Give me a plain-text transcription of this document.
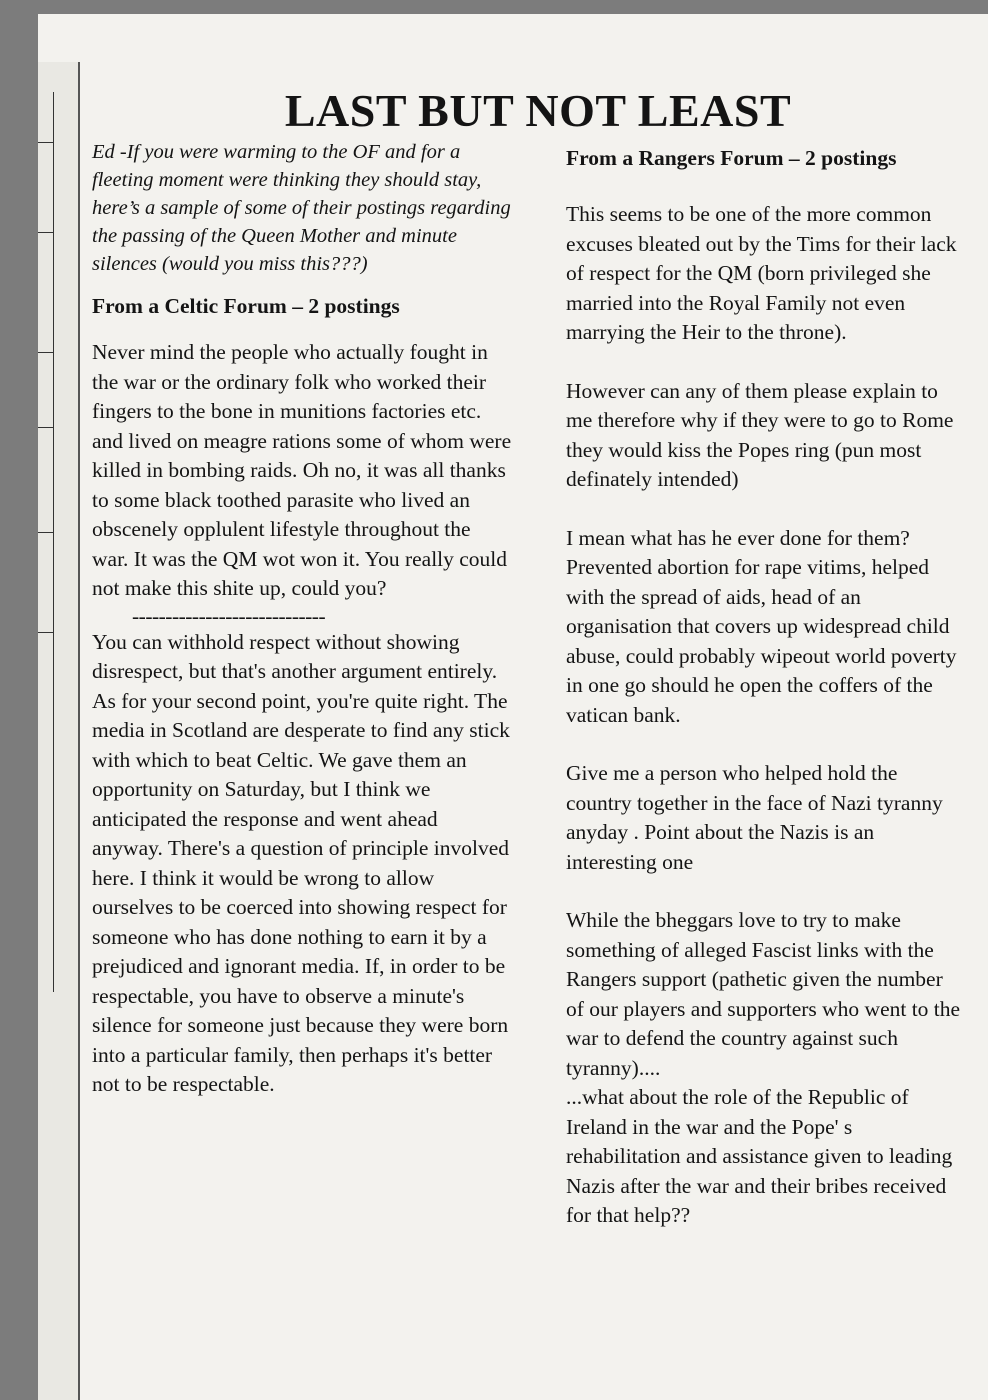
LAST BUT NOT LEAST

Ed -If you were warming to the OF and for a fleeting moment were thinking they should stay, here’s a sample of some of their postings regarding the passing of the Queen Mother and minute silences (would you miss this???)

From a Celtic Forum – 2 postings

Never mind the people who actually fought in the war or the ordinary folk who worked their fingers to the bone in munitions factories etc. and lived on meagre rations some of whom were killed in bombing raids. Oh no, it was all thanks to some black toothed parasite who lived an obscenely opplulent lifestyle throughout the war. It was the QM wot won it. You really could not make this shite up, could you?

-----------------------------

You can withhold respect without showing disrespect, but that's another argument entirely. As for your second point, you're quite right. The media in Scotland are desperate to find any stick with which to beat Celtic. We gave them an opportunity on Saturday, but I think we anticipated the response and went ahead anyway. There's a question of principle involved here. I think it would be wrong to allow ourselves to be coerced into showing respect for someone who has done nothing to earn it by a prejudiced and ignorant media. If, in order to be respectable, you have to observe a minute's silence for someone just because they were born into a particular family, then perhaps it's better not to be respectable.

From a Rangers Forum – 2 postings

This seems to be one of the more common excuses bleated out by the Tims for their lack of respect for the QM (born privileged she married into the Royal Family not even marrying the Heir to the throne).

However can any of them please explain to me therefore why if they were to go to Rome they would kiss the Popes ring (pun most definately intended)

I mean what has he ever done for them? Prevented abortion for rape vitims, helped with the spread of aids, head of an organisation that covers up widespread child abuse, could probably wipeout world poverty in one go should he open the coffers of the vatican bank.

Give me a person who helped hold the country together in the face of Nazi tyranny anyday . Point about the Nazis is an interesting one

While the bheggars love to try to make something of alleged Fascist links with the Rangers support (pathetic given the number of our players and supporters who went to the war to defend the country against such tyranny)....

...what about the role of the Republic of Ireland in the war and the Pope' s rehabilitation and assistance given to leading Nazis after the war and their bribes received for that help??
